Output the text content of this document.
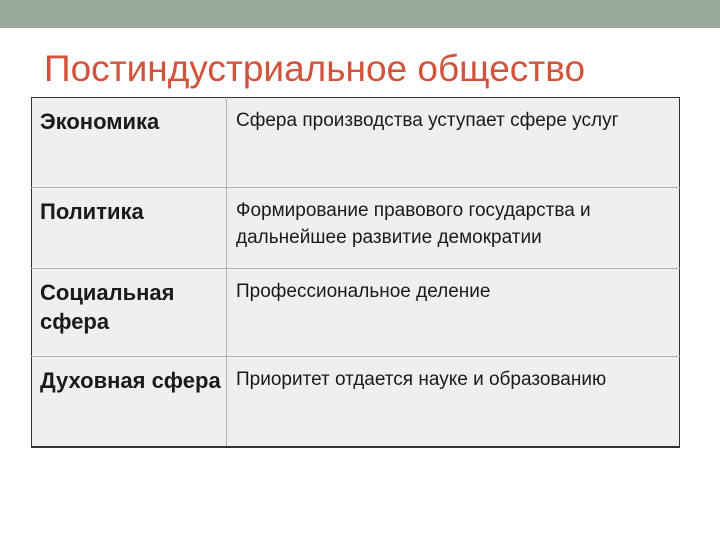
Постиндустриальное общество
Экономика	Сфера производства уступает сфере услуг

Политика	Формирование правового государства и дальнейшее развитие демократии

Социальная сфера	Профессиональное деление

Духовная сфера	Приоритет отдается науке и образованию
